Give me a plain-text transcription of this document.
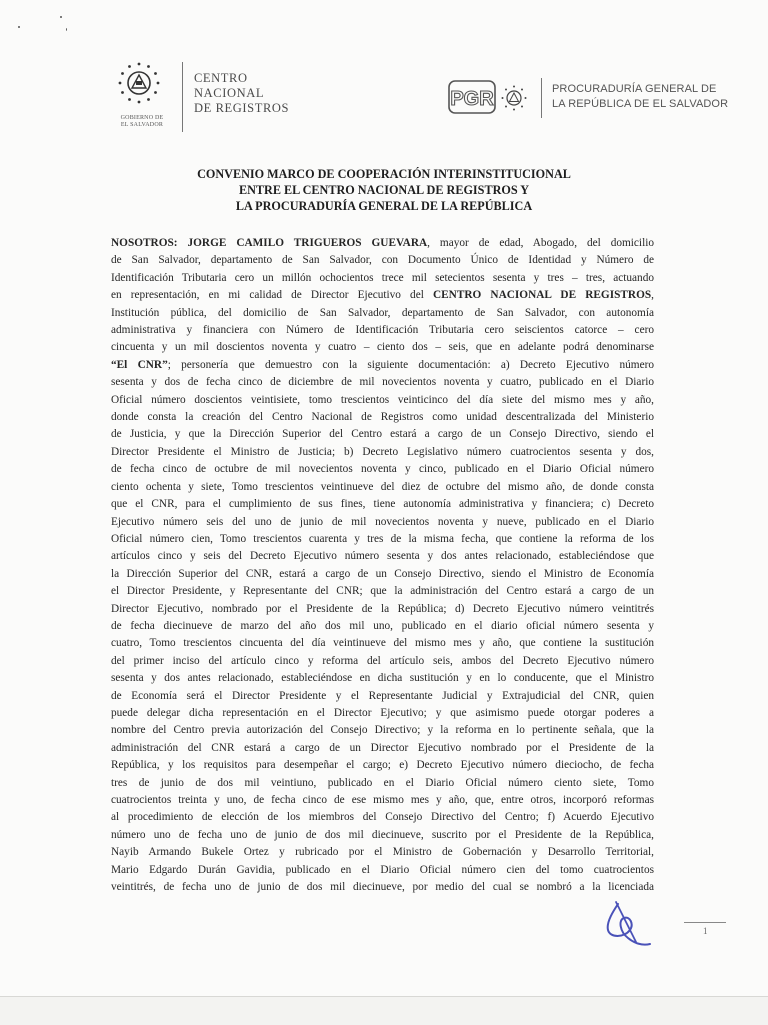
GOBIERNO DE
EL SALVADOR
CENTRO
NACIONAL
DE REGISTROS	PGR	PROCURADURÍA GENERAL DE
LA REPÚBLICA DE EL SALVADOR
CONVENIO MARCO DE COOPERACIÓN INTERINSTITUCIONAL
ENTRE EL CENTRO NACIONAL DE REGISTROS Y
LA PROCURADURÍA GENERAL DE LA REPÚBLICA
NOSOTROS: JORGE CAMILO TRIGUEROS GUEVARA, mayor de edad, Abogado, del domicilio
de San Salvador, departamento de San Salvador, con Documento Único de Identidad y Número de
Identificación Tributaria cero un millón ochocientos trece mil setecientos sesenta y tres – tres, actuando
en representación, en mi calidad de Director Ejecutivo del CENTRO NACIONAL DE REGISTROS,
Institución pública, del domicilio de San Salvador, departamento de San Salvador, con autonomía
administrativa y financiera con Número de Identificación Tributaria cero seiscientos catorce – cero
cincuenta y un mil doscientos noventa y cuatro – ciento dos – seis, que en adelante podrá denominarse
“El CNR”; personería que demuestro con la siguiente documentación: a) Decreto Ejecutivo número
sesenta y dos de fecha cinco de diciembre de mil novecientos noventa y cuatro, publicado en el Diario
Oficial número doscientos veintisiete, tomo trescientos veinticinco del día siete del mismo mes y año,
donde consta la creación del Centro Nacional de Registros como unidad descentralizada del Ministerio
de Justicia, y que la Dirección Superior del Centro estará a cargo de un Consejo Directivo, siendo el
Director Presidente el Ministro de Justicia; b) Decreto Legislativo número cuatrocientos sesenta y dos,
de fecha cinco de octubre de mil novecientos noventa y cinco, publicado en el Diario Oficial número
ciento ochenta y siete, Tomo trescientos veintinueve del diez de octubre del mismo año, de donde consta
que el CNR, para el cumplimiento de sus fines, tiene autonomía administrativa y financiera; c) Decreto
Ejecutivo número seis del uno de junio de mil novecientos noventa y nueve, publicado en el Diario
Oficial número cien, Tomo trescientos cuarenta y tres de la misma fecha, que contiene la reforma de los
artículos cinco y seis del Decreto Ejecutivo número sesenta y dos antes relacionado, estableciéndose que
la Dirección Superior del CNR, estará a cargo de un Consejo Directivo, siendo el Ministro de Economía
el Director Presidente, y Representante del CNR; que la administración del Centro estará a cargo de un
Director Ejecutivo, nombrado por el Presidente de la República; d) Decreto Ejecutivo número veintitrés
de fecha diecinueve de marzo del año dos mil uno, publicado en el diario oficial número sesenta y
cuatro, Tomo trescientos cincuenta del día veintinueve del mismo mes y año, que contiene la sustitución
del primer inciso del artículo cinco y reforma del artículo seis, ambos del Decreto Ejecutivo número
sesenta y dos antes relacionado, estableciéndose en dicha sustitución y en lo conducente, que el Ministro
de Economía será el Director Presidente y el Representante Judicial y Extrajudicial del CNR, quien
puede delegar dicha representación en el Director Ejecutivo; y que asimismo puede otorgar poderes a
nombre del Centro previa autorización del Consejo Directivo; y la reforma en lo pertinente señala, que la
administración del CNR estará a cargo de un Director Ejecutivo nombrado por el Presidente de la
República, y los requisitos para desempeñar el cargo; e) Decreto Ejecutivo número dieciocho, de fecha
tres de junio de dos mil veintiuno, publicado en el Diario Oficial número ciento siete, Tomo
cuatrocientos treinta y uno, de fecha cinco de ese mismo mes y año, que, entre otros, incorporó reformas
al procedimiento de elección de los miembros del Consejo Directivo del Centro; f) Acuerdo Ejecutivo
número uno de fecha uno de junio de dos mil diecinueve, suscrito por el Presidente de la República,
Nayib Armando Bukele Ortez y rubricado por el Ministro de Gobernación y Desarrollo Territorial,
Mario Edgardo Durán Gavidia, publicado en el Diario Oficial número cien del tomo cuatrocientos
veintitrés, de fecha uno de junio de dos mil diecinueve, por medio del cual se nombró a la licenciada
1
